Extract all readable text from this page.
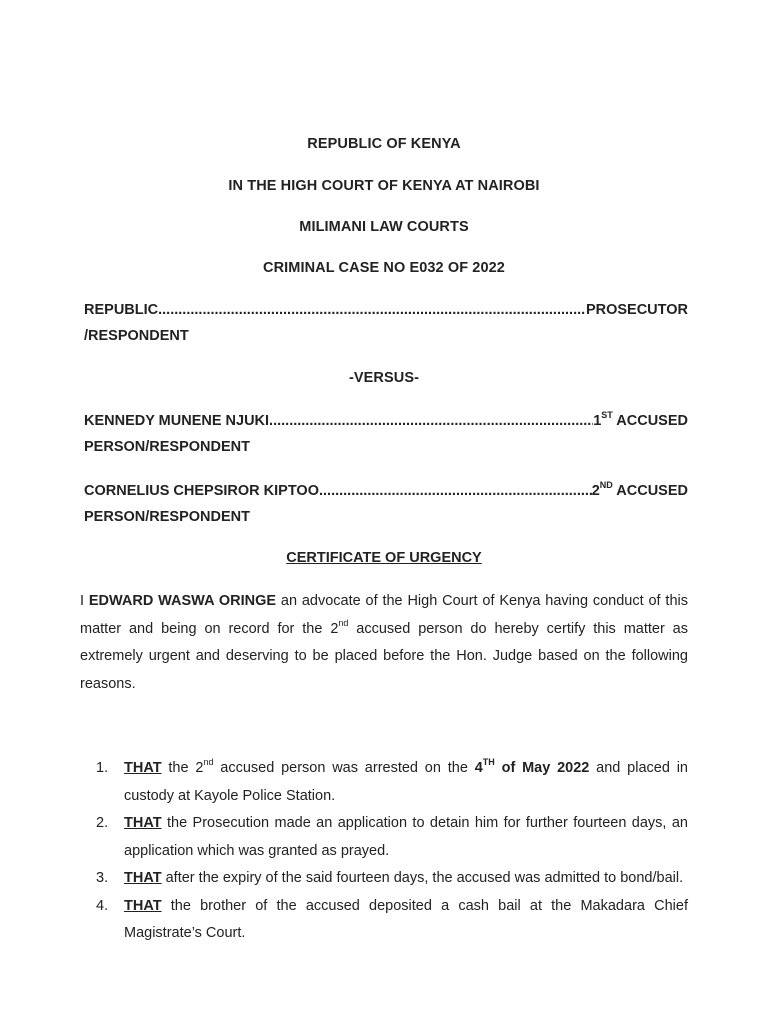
REPUBLIC OF KENYA
IN THE HIGH COURT OF KENYA AT NAIROBI
MILIMANI LAW COURTS
CRIMINAL CASE NO E032 OF 2022
REPUBLIC .....	PROSECUTOR
/RESPONDENT
-VERSUS-
KENNEDY MUNENE NJUKI .....	1ST ACCUSED
PERSON/RESPONDENT
CORNELIUS CHEPSIROR KIPTOO .....	2ND ACCUSED
PERSON/RESPONDENT
CERTIFICATE OF URGENCY
I EDWARD WASWA ORINGE an advocate of the High Court of Kenya having conduct of this matter and being on record for the 2nd accused person do hereby certify this matter as extremely urgent and deserving to be placed before the Hon. Judge based on the following reasons.
1. THAT the 2nd accused person was arrested on the 4TH of May 2022 and placed in custody at Kayole Police Station.
2. THAT the Prosecution made an application to detain him for further fourteen days, an application which was granted as prayed.
3. THAT after the expiry of the said fourteen days, the accused was admitted to bond/bail.
4. THAT the brother of the accused deposited a cash bail at the Makadara Chief Magistrate’s Court.
